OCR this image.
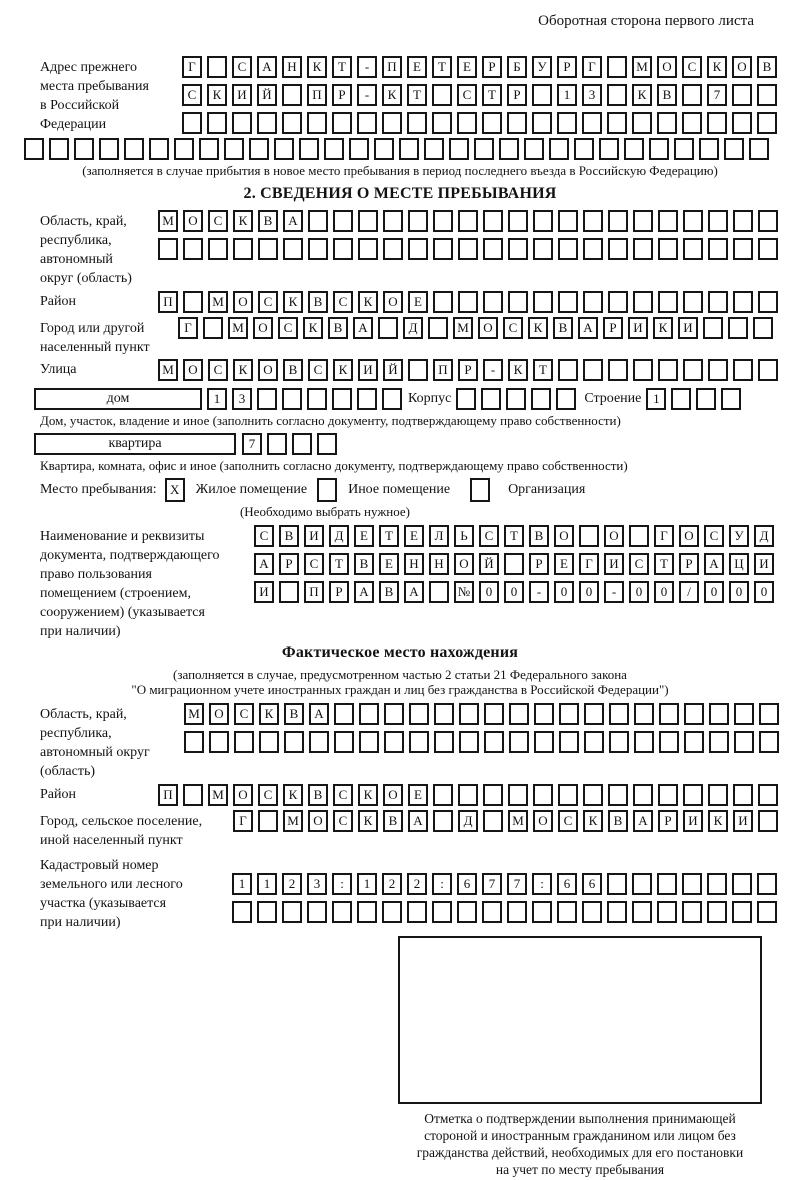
Оборотная сторона первого листа
Адрес прежнего
места пребывания
в Российской
Федерации
Г	С	А	Н	К	Т	-	П	Е	Т	Е	Р	Б	У	Р	Г	М	О	С	К	О	В
С	К	И	Й	П	Р	-	К	Т	С	Т	Р	1	3	К	В	7
(заполняется в случае прибытия в новое место пребывания в период последнего въезда в Российскую Федерацию)
2. СВЕДЕНИЯ О МЕСТЕ ПРЕБЫВАНИЯ
Область, край,
республика,
автономный
округ (область)
М	О	С	К	В	А
Район	П	М	О	С	К	В	С	К	О	Е
Город или другой
населенный пункт
Г	М	О	С	К	В	А	Д	М	О	С	К	В	А	Р	И	К	И
Улица	М	О	С	К	О	В	С	К	И	Й	П	Р	-	К	Т
дом	1	3	Корпус	Строение 1
Дом, участок, владение и иное (заполнить согласно документу, подтверждающему право собственности)
квартира	7
Квартира, комната, офис и иное (заполнить согласно документу, подтверждающему право собственности)
Место пребывания:	X	Жилое помещение	Иное помещение	Организация
(Необходимо выбрать нужное)
Наименование и реквизиты
документа, подтверждающего
право пользования
помещением (строением,
сооружением) (указывается
при наличии)
С	В	И	Д	Е	Т	Е	Л	Ь	С	Т	В	О	О	Г	О	С	У	Д
А	Р	С	Т	В	Е	Н	Н	О	Й	Р	Е	Г	И	С	Т	Р	А	Ц	И
И	П	Р	А	В	А	№	0	0	-	0	0	-	0	0	/	0	0	0
Фактическое место нахождения
(заполняется в случае, предусмотренном частью 2 статьи 21 Федерального закона
"О миграционном учете иностранных граждан и лиц без гражданства в Российской Федерации")
Область, край,
республика,
автономный округ
(область)
М	О	С	К	В	А
Район	П	М	О	С	К	В	С	К	О	Е
Город, сельское поселение,
иной населенный пункт
Г	М	О	С	К	В	А	Д	М	О	С	К	В	А	Р	И	К	И
Кадастровый номер
земельного или лесного
участка (указывается
при наличии)
1	1	2	3	:	1	2	2	:	6	7	7	:	6	6
Отметка о подтверждении выполнения принимающей
стороной и иностранным гражданином или лицом без
гражданства действий, необходимых для его постановки
на учет по месту пребывания
